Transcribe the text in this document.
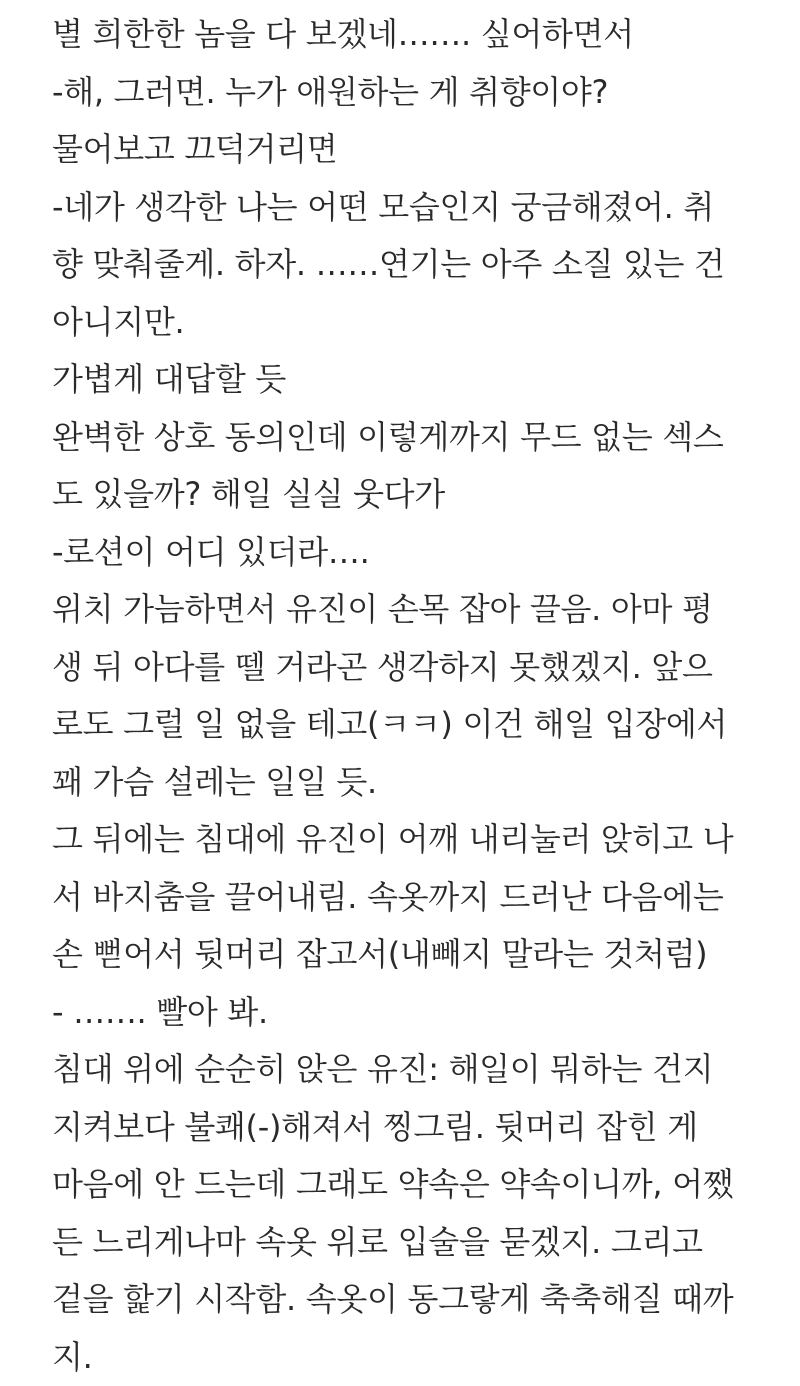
별 희한한 놈을 다 보겠네……. 싶어하면서
-해, 그러면. 누가 애원하는 게 취향이야?
물어보고 끄덕거리면
-네가 생각한 나는 어떤 모습인지 궁금해졌어. 취
향 맞춰줄게. 하자. ……연기는 아주 소질 있는 건
아니지만.
가볍게 대답할 듯
완벽한 상호 동의인데 이렇게까지 무드 없는 섹스
도 있을까? 해일 실실 웃다가
-로션이 어디 있더라….
위치 가늠하면서 유진이 손목 잡아 끌음. 아마 평
생 뒤 아다를 뗄 거라곤 생각하지 못했겠지. 앞으
로도 그럴 일 없을 테고(ㅋㅋ) 이건 해일 입장에서
꽤 가슴 설레는 일일 듯.
그 뒤에는 침대에 유진이 어깨 내리눌러 앉히고 나
서 바지춤을 끌어내림. 속옷까지 드러난 다음에는
손 뻗어서 뒷머리 잡고서(내빼지 말라는 것처럼)
- ……. 빨아 봐.
침대 위에 순순히 앉은 유진: 해일이 뭐하는 건지
지켜보다 불쾌(-)해져서 찡그림. 뒷머리 잡힌 게
마음에 안 드는데 그래도 약속은 약속이니까, 어쨌
든 느리게나마 속옷 위로 입술을 묻겠지. 그리고
겉을 핥기 시작함. 속옷이 동그랗게 축축해질 때까
지.
